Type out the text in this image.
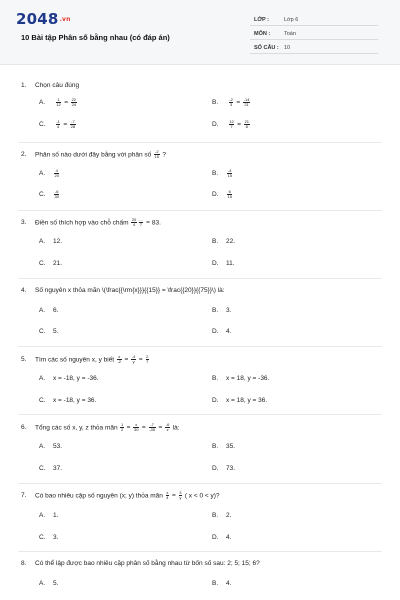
$2048^{.vn}$
10 Bài tập Phân số bằng nhau (có đáp án)
LỚP :	Lớp 6
MÔN :	Toán
SỐ CÂU : 10
1. Chọn câu đúng
A.	$\frac{1}{12} = \frac{22}{24}$	B.	$\frac{-2}{3} = \frac{-14}{21}$
C.	$\frac{-1}{4} = \frac{-7}{28}$	D.	$\frac{12}{7} = \frac{21}{8}$
2. Phân số nào dưới đây bằng với phân số $\frac{-2}{15}$ ?
A. $\frac{4}{20}$	B. $\frac{-4}{15}$
C. $\frac{-6}{30}$	D. $\frac{6}{15}$
3. Điền số thích hợp vào chỗ chấm $\frac{20}{4} \frac{...}{7} = 83$.
A. 12.	B. 22.
C. 21.	D. 11.
4. Số nguyên x thỏa mãn \(\frac{{\rm{x}}}{{15}} = \frac{{20}}{{75}}\) là:
A. 6.	B. 3.
C. 5.	D. 4.
5. Tìm các số nguyên x, y biết $\frac{x}{-2} = \frac{-4}{y} = \frac{2}{7}$
A. x = -18, y = -36.	B. x = 18, y = -36.
C. x = -18, y = 36.	D. x = 18, y = 36.
6. Tổng các số x, y, z thỏa mãn $\frac{1}{2} = \frac{x}{30} = \frac{-7}{-35} = \frac{-6}{z}$ là:
A. 53.	B. 35.
C. 37.	D. 73.
7. Có bao nhiêu cặp số nguyên (x; y) thỏa mãn $\frac{x}{4} = \frac{3}{y}$ ( x < 0 < y)?
A. 1.	B. 2.
C. 3.	D. 4.
8. Có thể lập được bao nhiêu cặp phân số bằng nhau từ bốn số sau: 2; 5; 15; 6?
A. 5.	B. 4.
